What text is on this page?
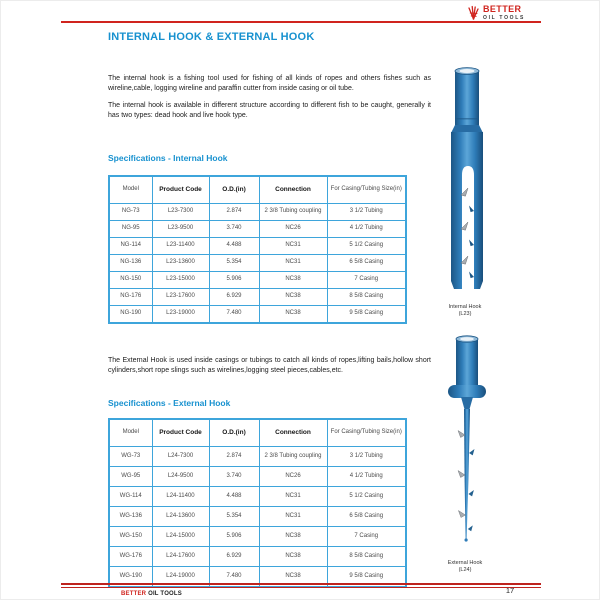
BETTER
OIL TOOLS
INTERNAL HOOK & EXTERNAL HOOK
The internal hook is a fishing tool used for fishing of all kinds of ropes and others fishes such as wireline,cable, logging wireline and paraffin cutter from inside casing or oil tube.
The internal hook is available in different structure according to different fish to be caught, generally it has two types: dead hook and live hook type.
Specifications - Internal Hook
Model	Product Code	O.D.(in)	Connection	For Casing/Tubing Size(in)
NG-73	L23-7300	2.874	2 3/8 Tubing coupling	3 1/2 Tubing
NG-95	L23-9500	3.740	NC26	4 1/2 Tubing
NG-114	L23-11400	4.488	NC31	5 1/2 Casing
NG-136	L23-13600	5.354	NC31	6 5/8 Casing
NG-150	L23-15000	5.906	NC38	7 Casing
NG-176	L23-17600	6.929	NC38	8 5/8 Casing
NG-190	L23-19000	7.480	NC38	9 5/8 Casing
Internal Hook
(L23)
The External Hook is used inside casings or tubings to catch all kinds of ropes,lifting bails,hollow short cylinders,short rope slings such as wirelines,logging steel pieces,cables,etc.
Specifications - External Hook
Model	Product Code	O.D.(in)	Connection	For Casing/Tubing Size(in)
WG-73	L24-7300	2.874	2 3/8 Tubing coupling	3 1/2 Tubing
WG-95	L24-9500	3.740	NC26	4 1/2 Tubing
WG-114	L24-11400	4.488	NC31	5 1/2 Casing
WG-136	L24-13600	5.354	NC31	6 5/8 Casing
WG-150	L24-15000	5.906	NC38	7 Casing
WG-176	L24-17600	6.929	NC38	8 5/8 Casing
WG-190	L24-19000	7.480	NC38	9 5/8 Casing
External Hook
(L24)
BETTER OIL TOOLS	17
